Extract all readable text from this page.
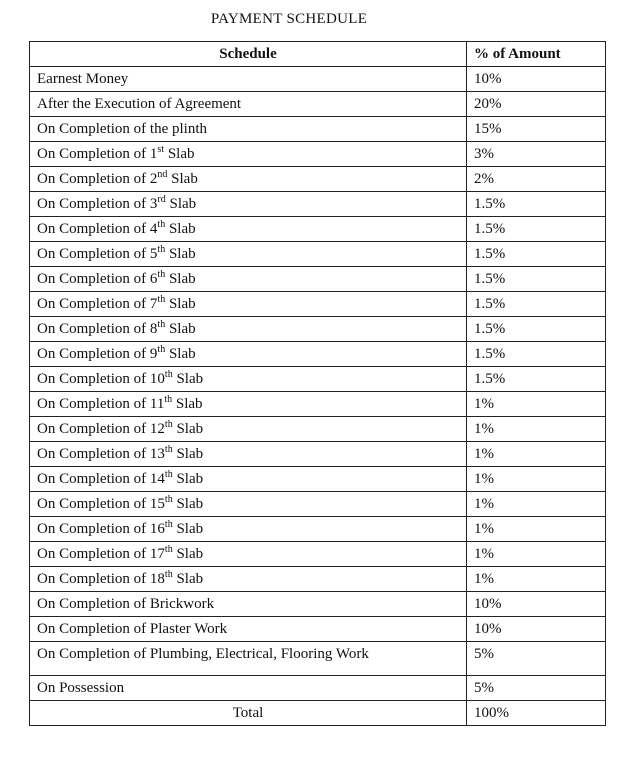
PAYMENT SCHEDULE
Schedule	% of Amount
Earnest Money	10%
After the Execution of Agreement	20%
On Completion of the plinth	15%
On Completion of 1st Slab	3%
On Completion of 2nd Slab	2%
On Completion of 3rd Slab	1.5%
On Completion of 4th Slab	1.5%
On Completion of 5th Slab	1.5%
On Completion of 6th Slab	1.5%
On Completion of 7th Slab	1.5%
On Completion of 8th Slab	1.5%
On Completion of 9th Slab	1.5%
On Completion of 10th Slab	1.5%
On Completion of 11th Slab	1%
On Completion of 12th Slab	1%
On Completion of 13th Slab	1%
On Completion of 14th Slab	1%
On Completion of 15th Slab	1%
On Completion of 16th Slab	1%
On Completion of 17th Slab	1%
On Completion of 18th Slab	1%
On Completion of Brickwork	10%
On Completion of Plaster Work	10%
On Completion of Plumbing, Electrical, Flooring Work	5%
On Possession	5%
Total	100%
